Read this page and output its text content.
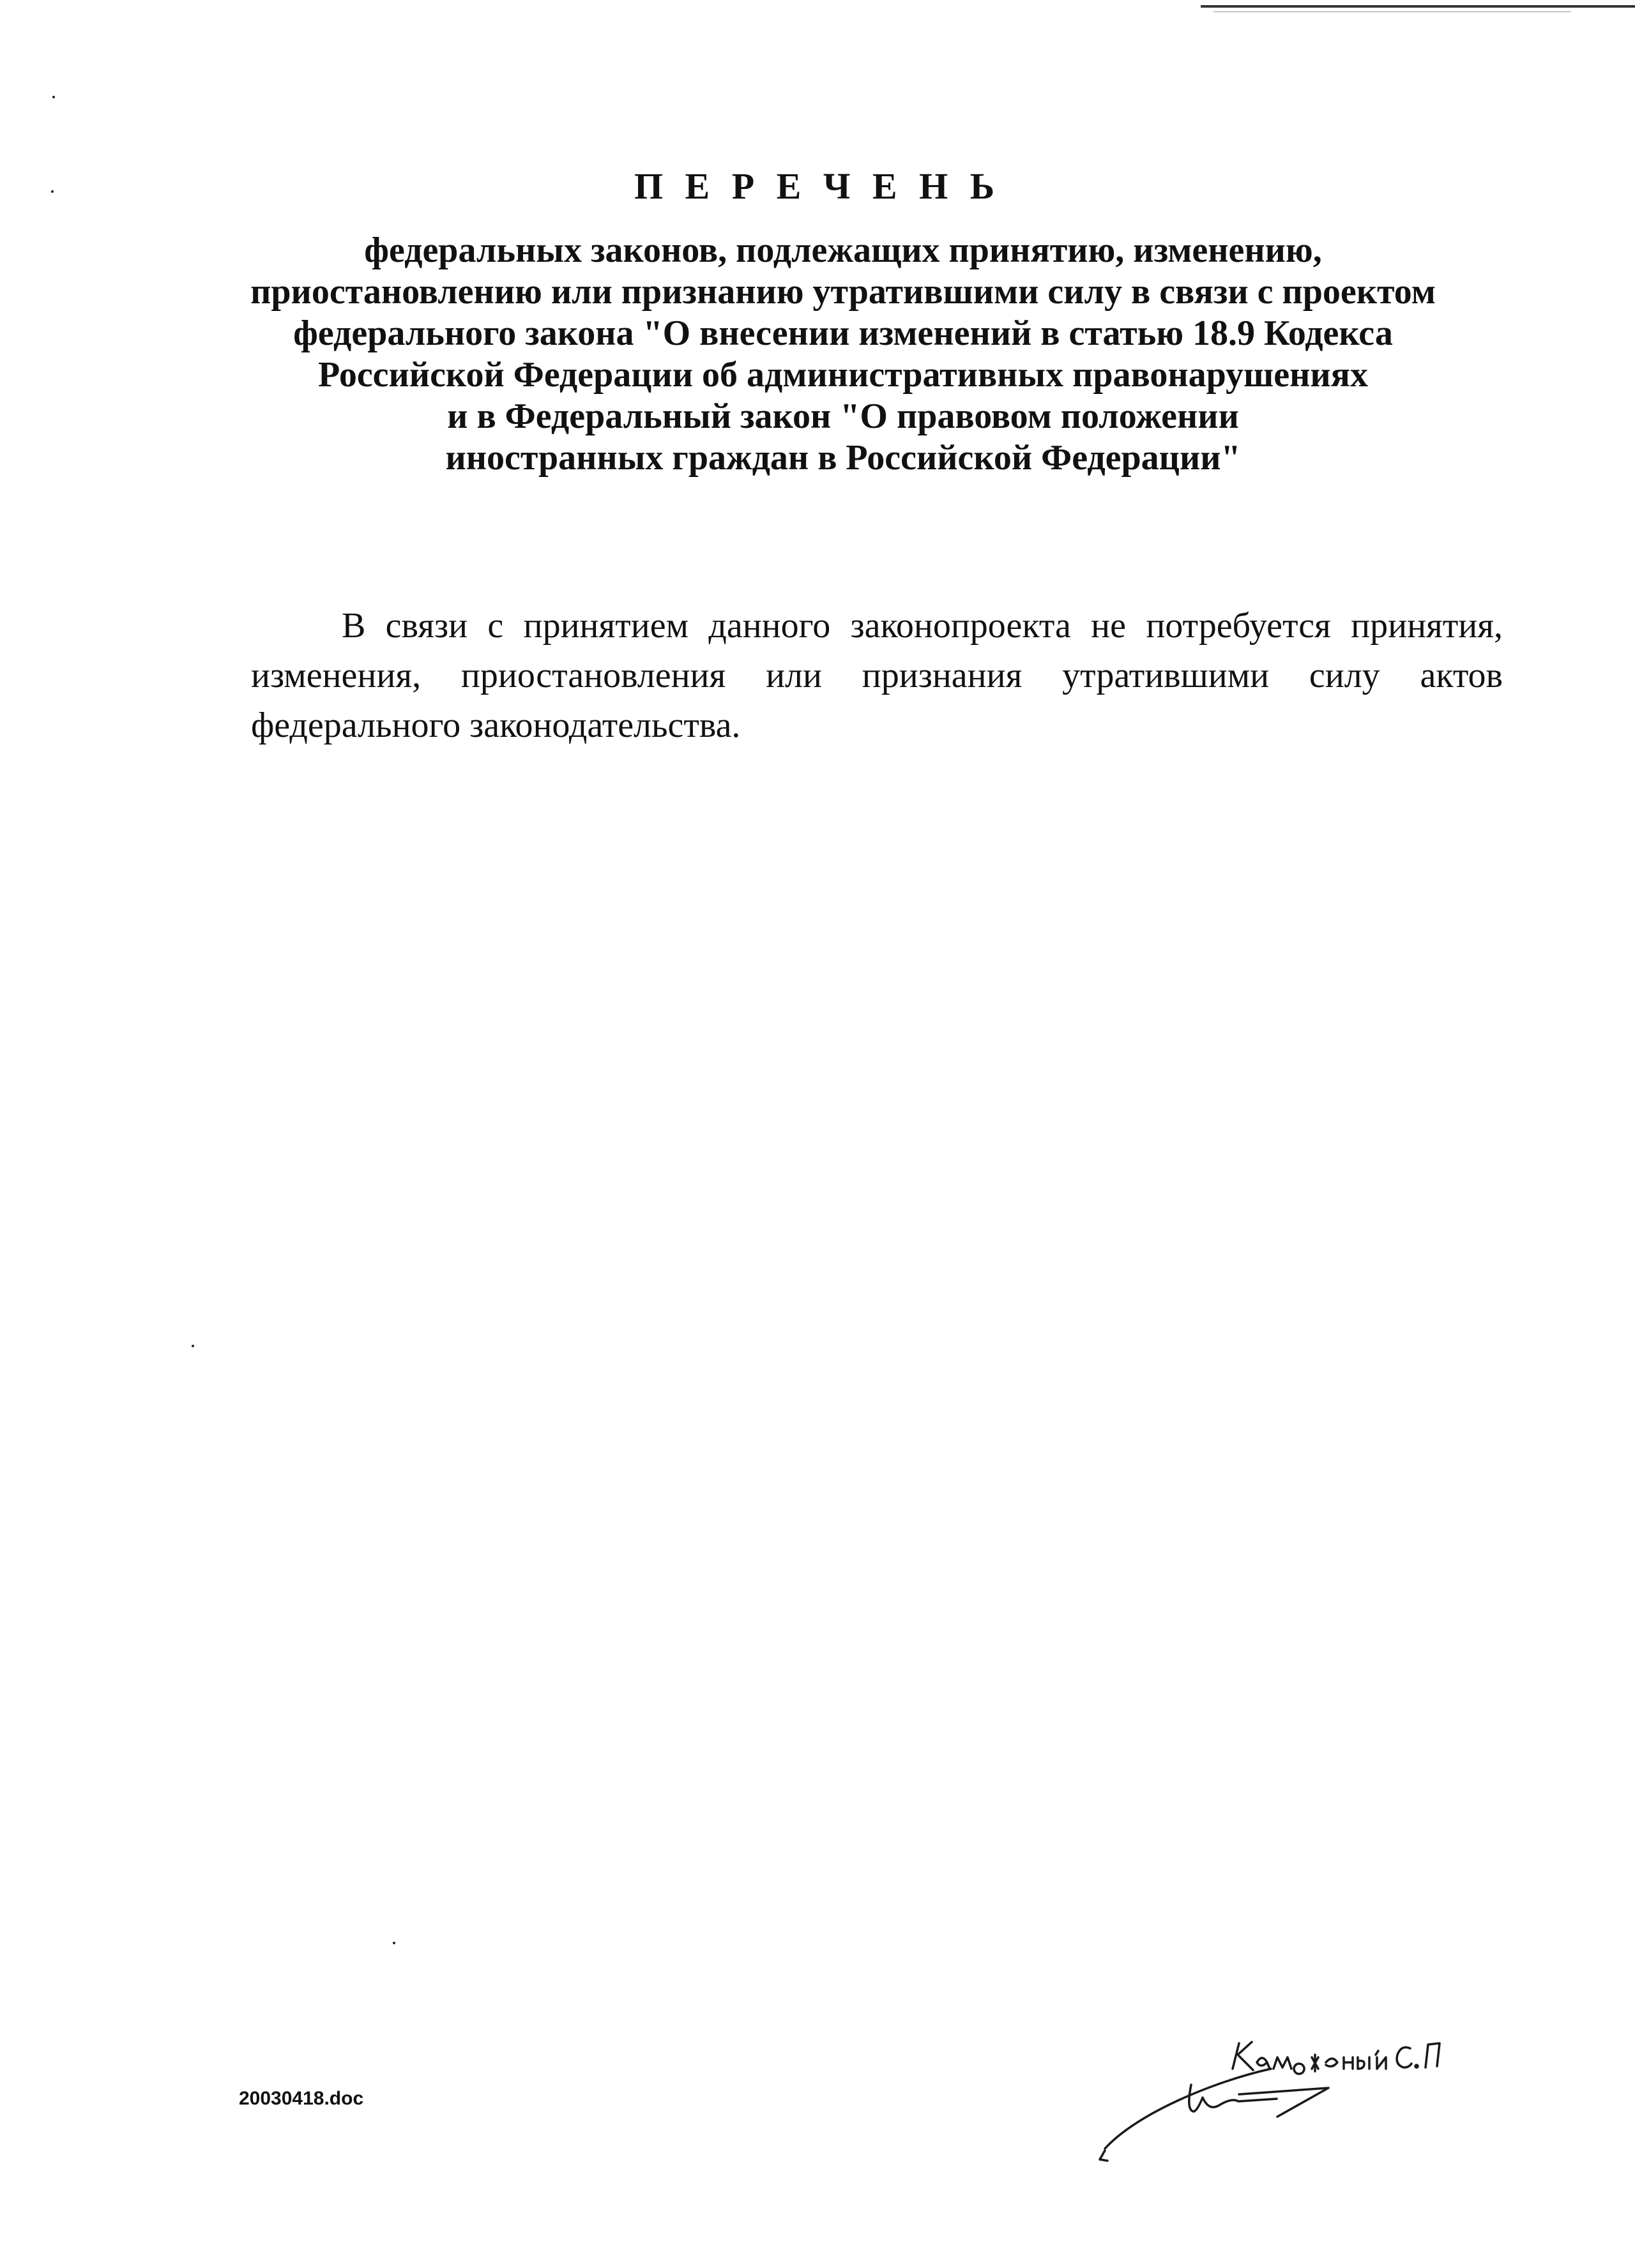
П Е Р Е Ч Е Н Ь
федеральных законов, подлежащих принятию, изменению,
приостановлению или признанию утратившими силу в связи с проектом
федерального закона "О внесении изменений в статью 18.9 Кодекса
Российской Федерации об административных правонарушениях
и в Федеральный закон "О правовом положении
иностранных граждан в Российской Федерации"

В связи с принятием данного законопроекта не потребуется принятия, изменения, приостановления или признания утратившими силу актов федерального законодательства.

20030418.doc
